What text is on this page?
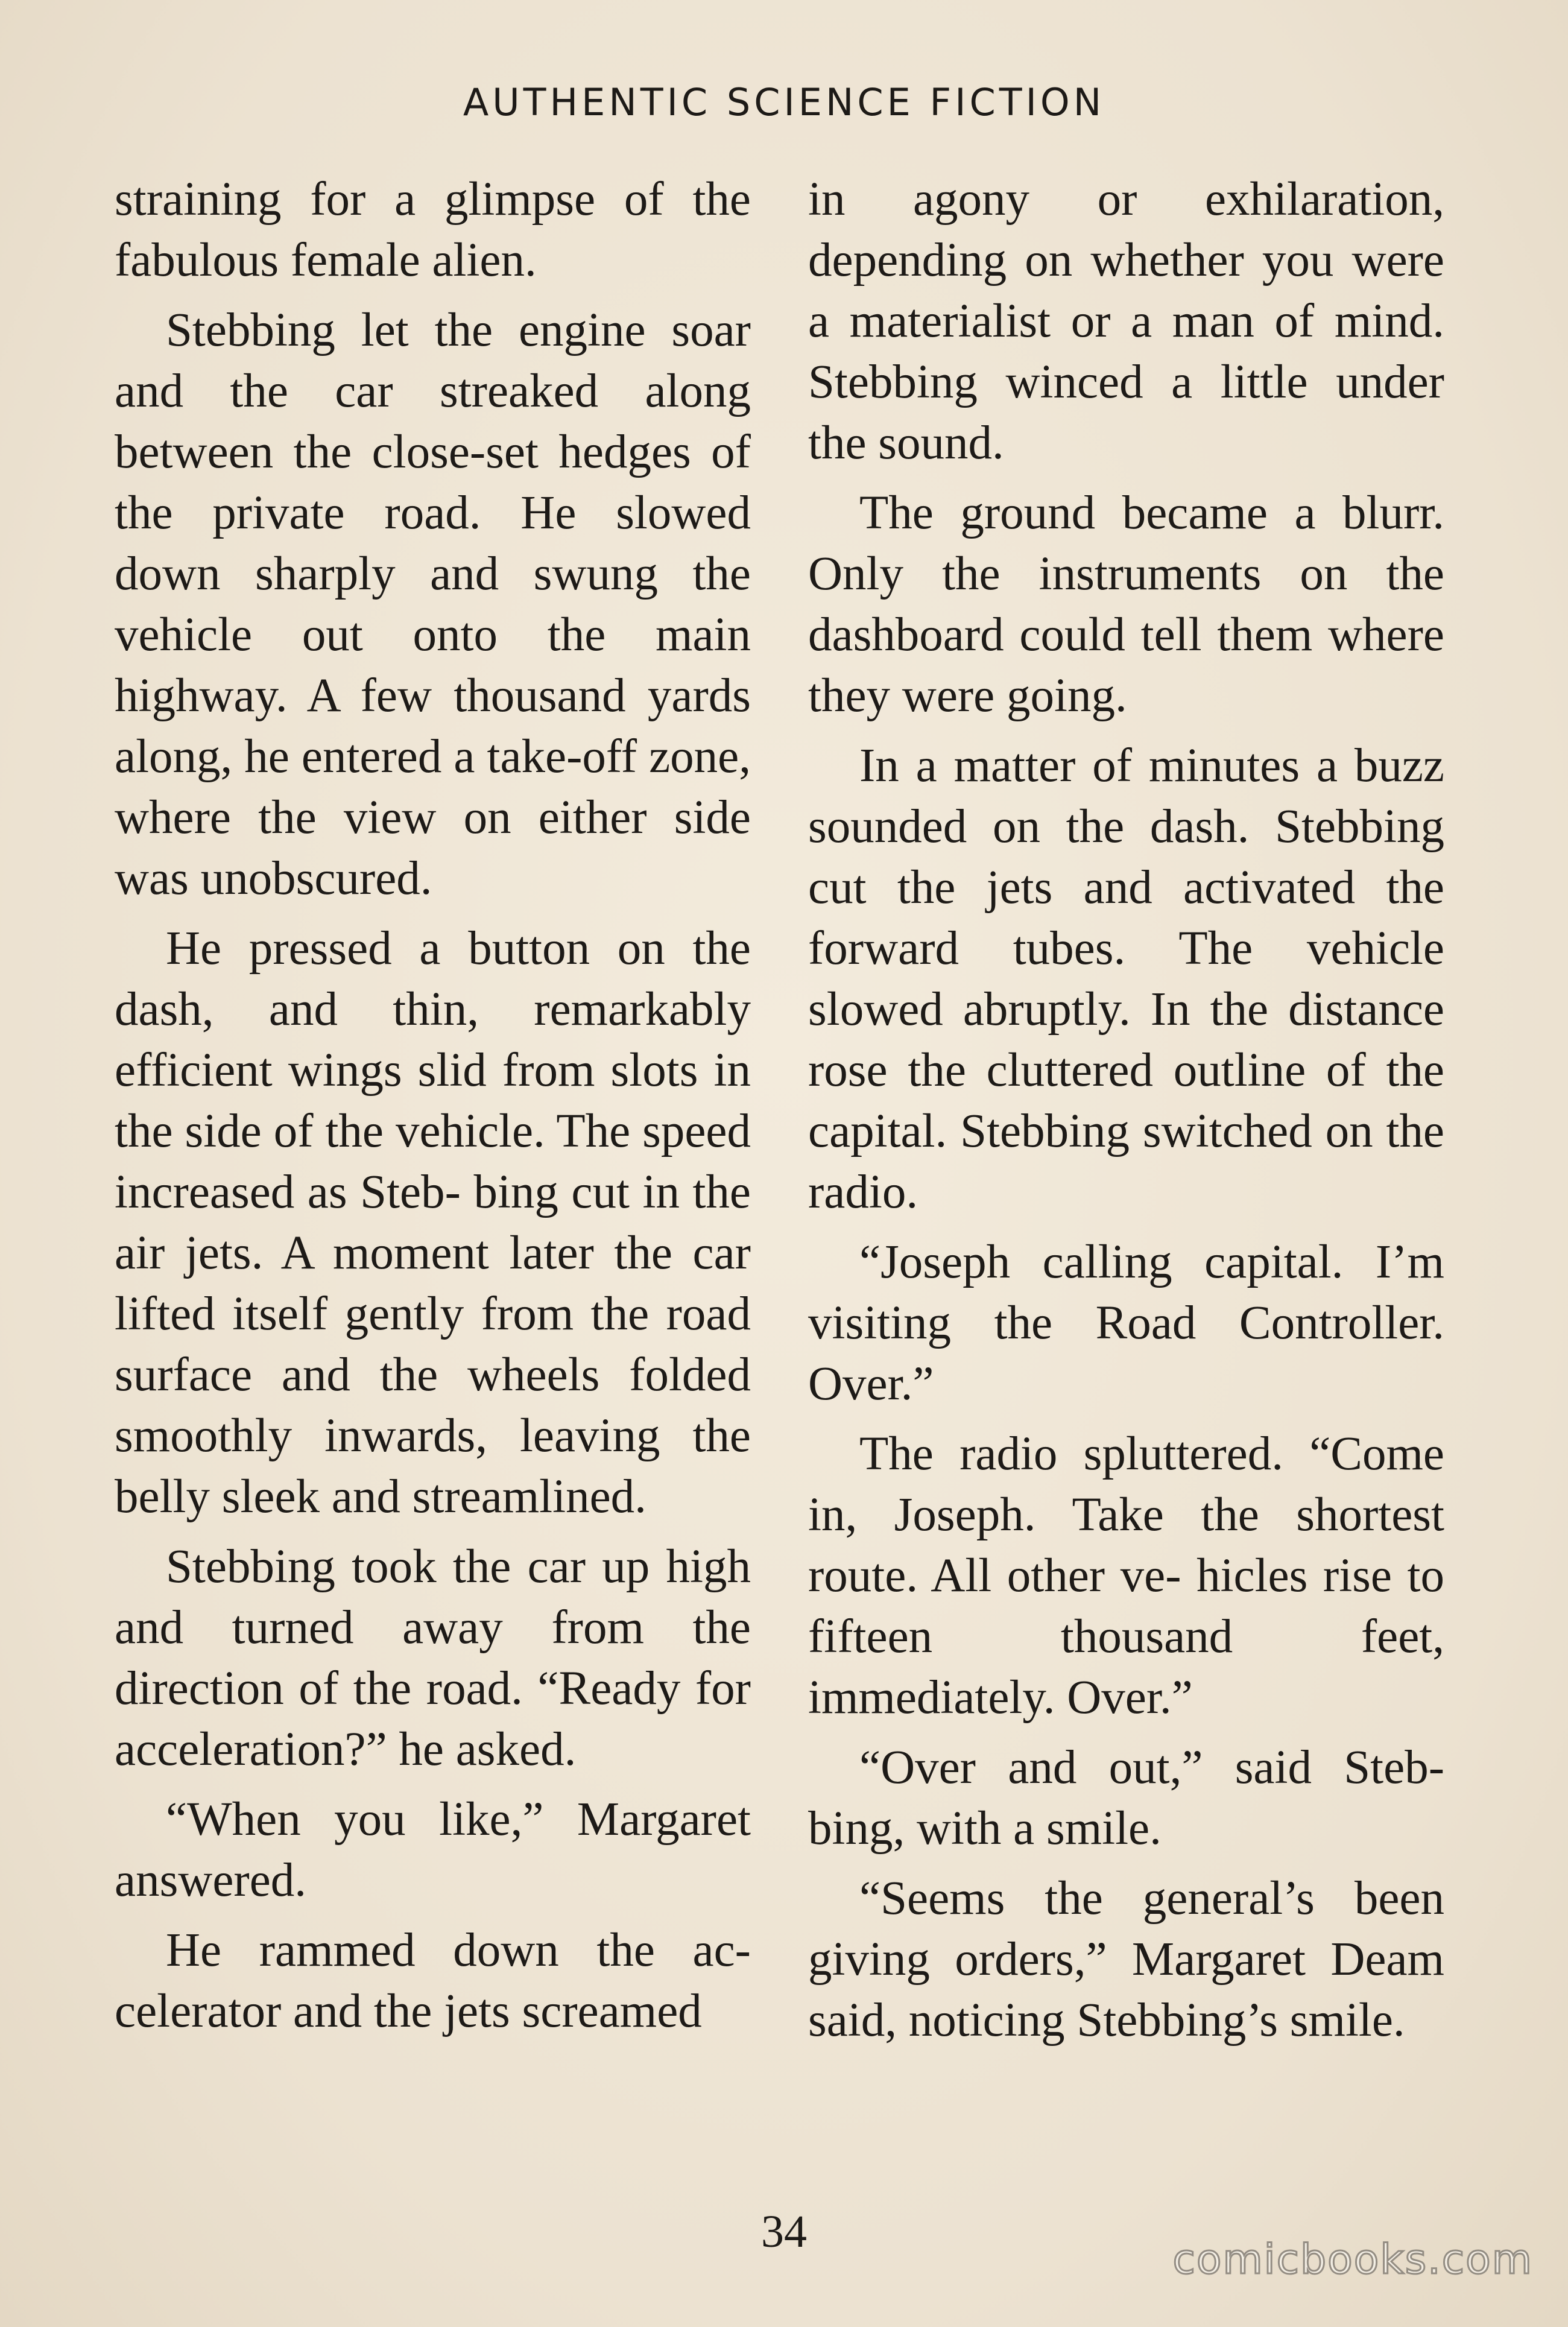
AUTHENTIC SCIENCE FICTION

straining for a glimpse of the fabulous female alien.

Stebbing let the engine soar and the car streaked along between the close-set hedges of the private road. He slowed down sharply and swung the vehicle out onto the main highway. A few thousand yards along, he entered a take-off zone, where the view on either side was unobscured.

He pressed a button on the dash, and thin, remarkably efficient wings slid from slots in the side of the vehicle. The speed increased as Steb- bing cut in the air jets. A moment later the car lifted itself gently from the road surface and the wheels folded smoothly inwards, leaving the belly sleek and streamlined.

Stebbing took the car up high and turned away from the direction of the road. “Ready for acceleration?” he asked.

“When you like,” Margaret answered.

He rammed down the ac- celerator and the jets screamed

in agony or exhilaration, depending on whether you were a materialist or a man of mind. Stebbing winced a little under the sound.

The ground became a blurr. Only the instruments on the dashboard could tell them where they were going.

In a matter of minutes a buzz sounded on the dash. Stebbing cut the jets and activated the forward tubes. The vehicle slowed abruptly. In the distance rose the cluttered outline of the capital. Stebbing switched on the radio.

“Joseph calling capital. I’m visiting the Road Controller. Over.”

The radio spluttered. “Come in, Joseph. Take the shortest route. All other ve- hicles rise to fifteen thousand feet, immediately. Over.”

“Over and out,” said Steb- bing, with a smile.

“Seems the general’s been giving orders,” Margaret Deam said, noticing Stebbing’s smile.

34
comicbooks.com
